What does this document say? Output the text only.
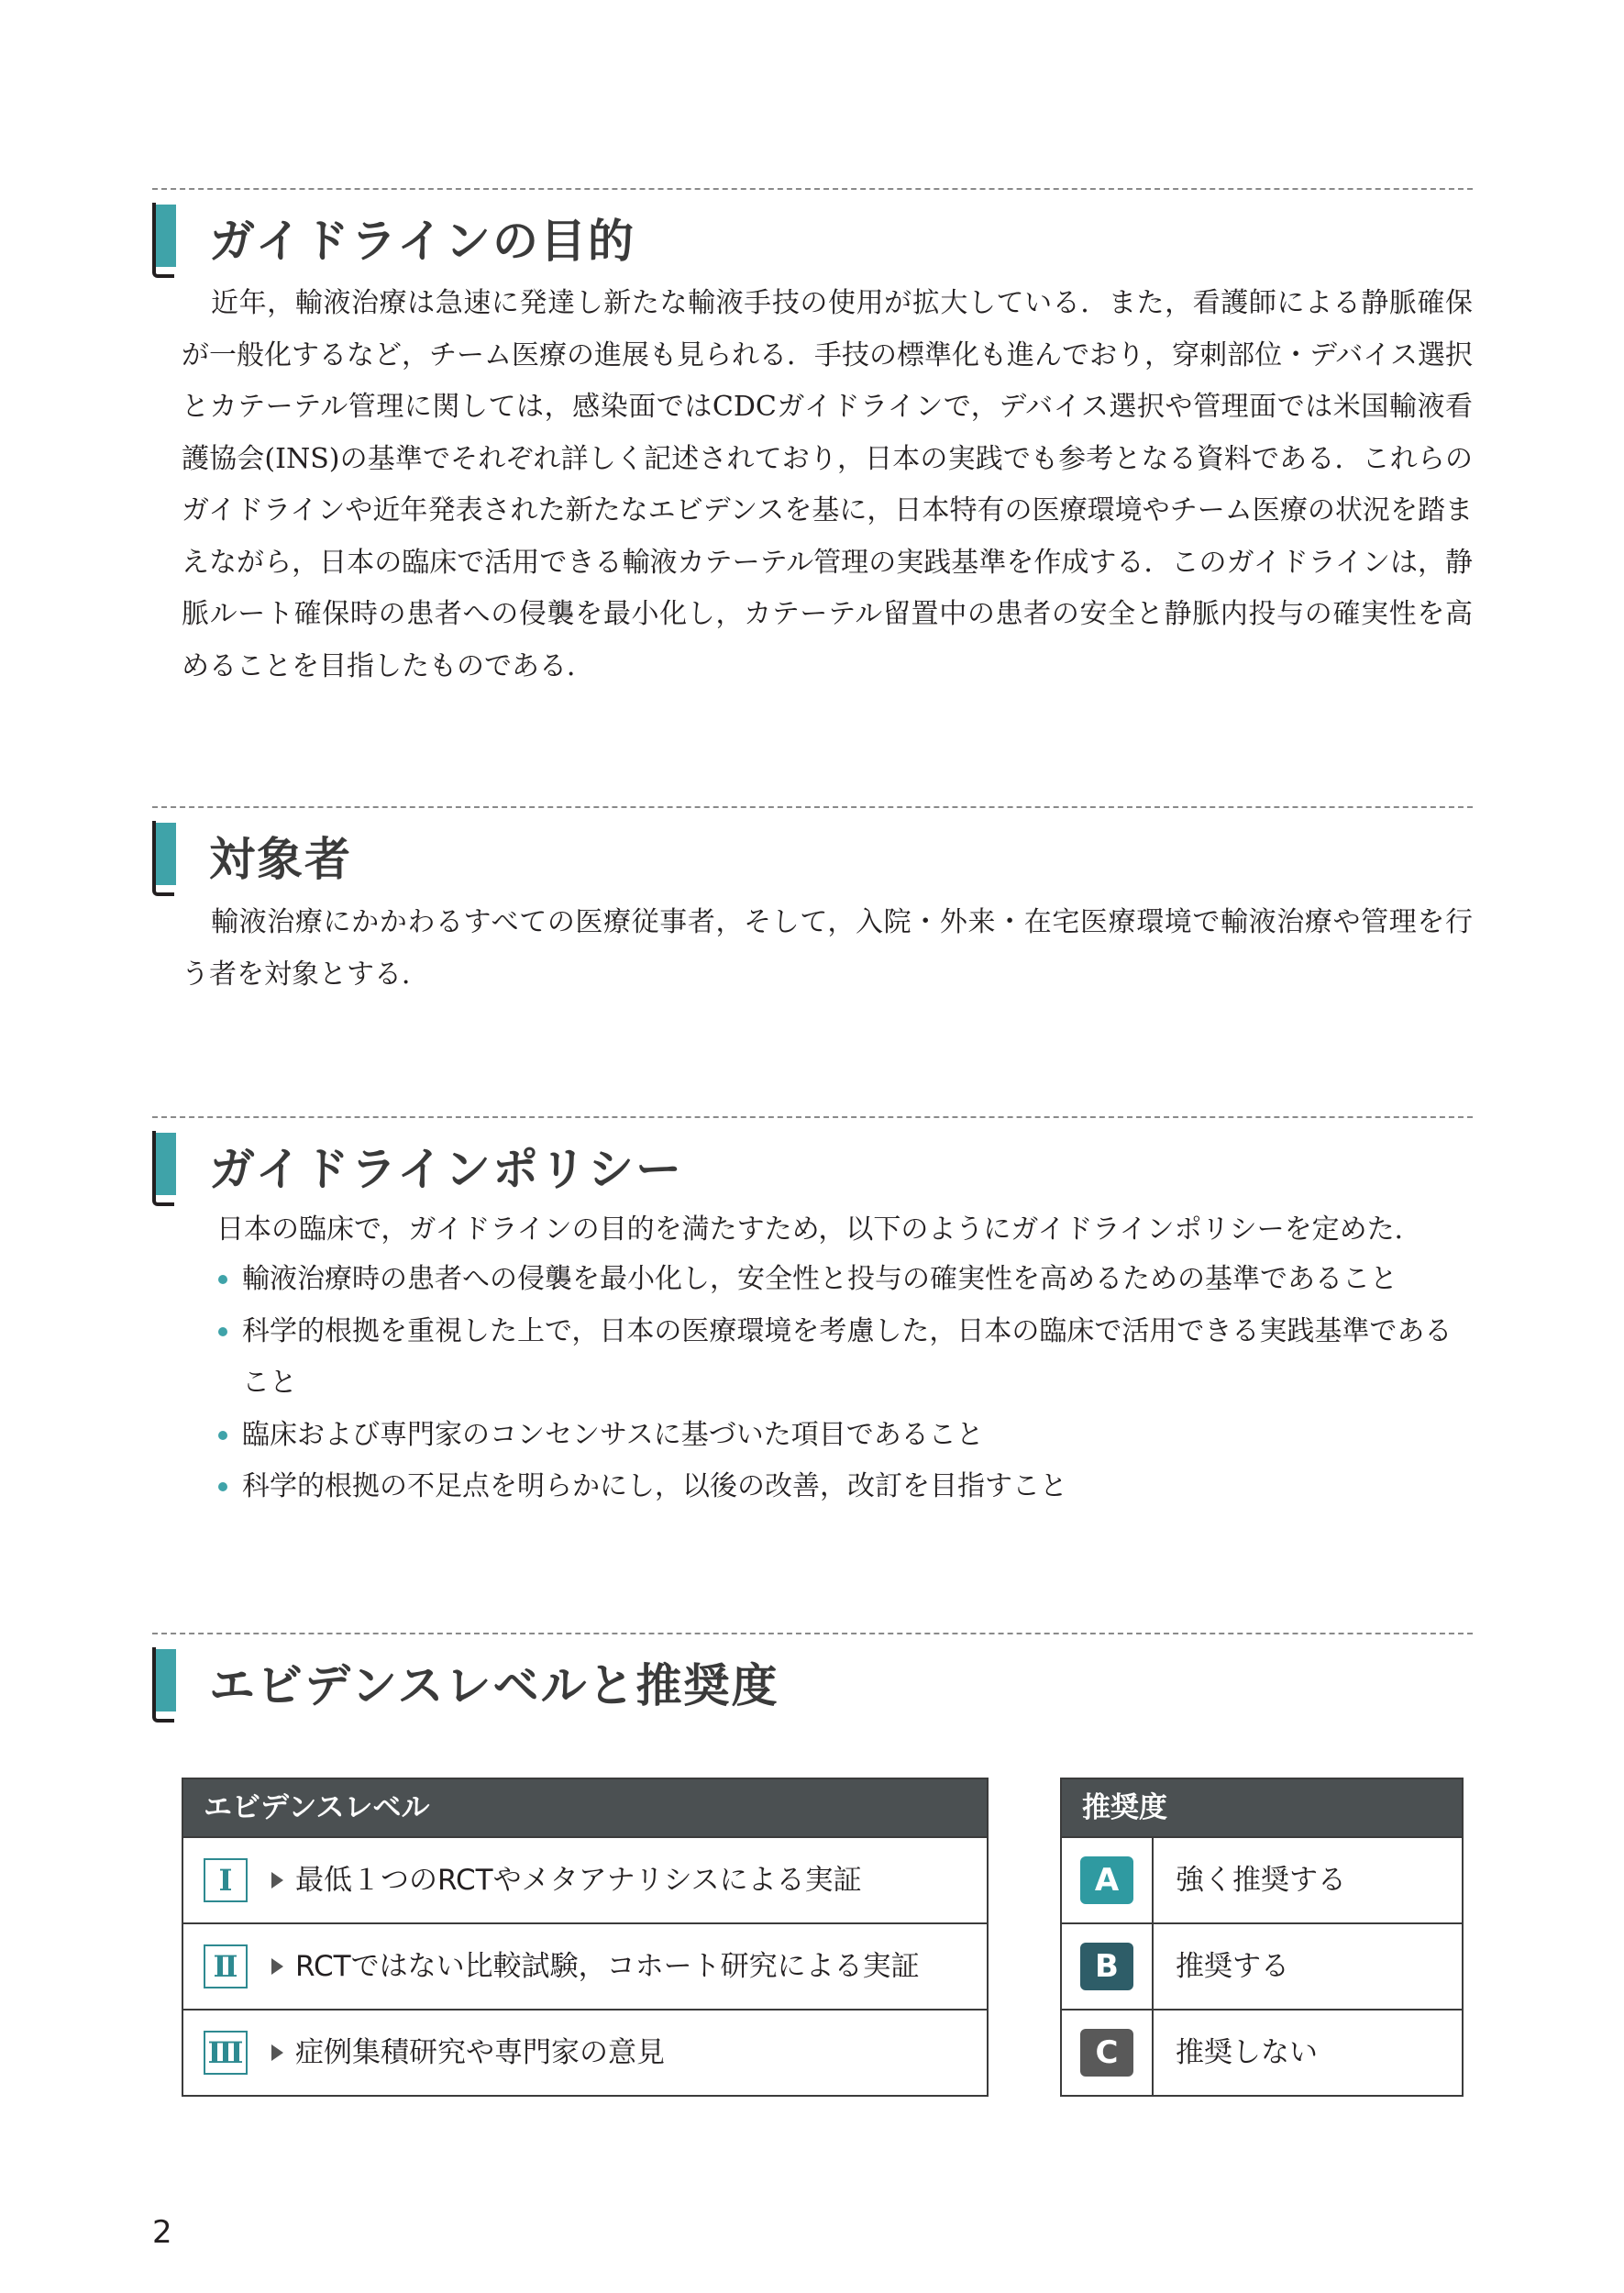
ガイドラインの目的

近年，輸液治療は急速に発達し新たな輸液手技の使用が拡大している．また，看護師による静脈確保が一般化するなど，チーム医療の進展も見られる．手技の標準化も進んでおり，穿刺部位・デバイス選択とカテーテル管理に関しては，感染面ではCDCガイドラインで，デバイス選択や管理面では米国輸液看護協会(INS)の基準でそれぞれ詳しく記述されており，日本の実践でも参考となる資料である．これらのガイドラインや近年発表された新たなエビデンスを基に，日本特有の医療環境やチーム医療の状況を踏まえながら，日本の臨床で活用できる輸液カテーテル管理の実践基準を作成する．このガイドラインは，静脈ルート確保時の患者への侵襲を最小化し，カテーテル留置中の患者の安全と静脈内投与の確実性を高めることを目指したものである．

対象者

輸液治療にかかわるすべての医療従事者，そして，入院・外来・在宅医療環境で輸液治療や管理を行う者を対象とする．

ガイドラインポリシー
日本の臨床で，ガイドラインの目的を満たすため，以下のようにガイドラインポリシーを定めた．
輸液治療時の患者への侵襲を最小化し，安全性と投与の確実性を高めるための基準であること
科学的根拠を重視した上で，日本の医療環境を考慮した，日本の臨床で活用できる実践基準であること
臨床および専門家のコンセンサスに基づいた項目であること
科学的根拠の不足点を明らかにし，以後の改善，改訂を目指すこと
エビデンスレベルと推奨度
エビデンスレベル
Ⅰ	最低１つのRCTやメタアナリシスによる実証
Ⅱ	RCTではない比較試験，コホート研究による実証
Ⅲ 症例集積研究や専門家の意見
推奨度
A	強く推奨する
B	推奨する
C	推奨しない
2
